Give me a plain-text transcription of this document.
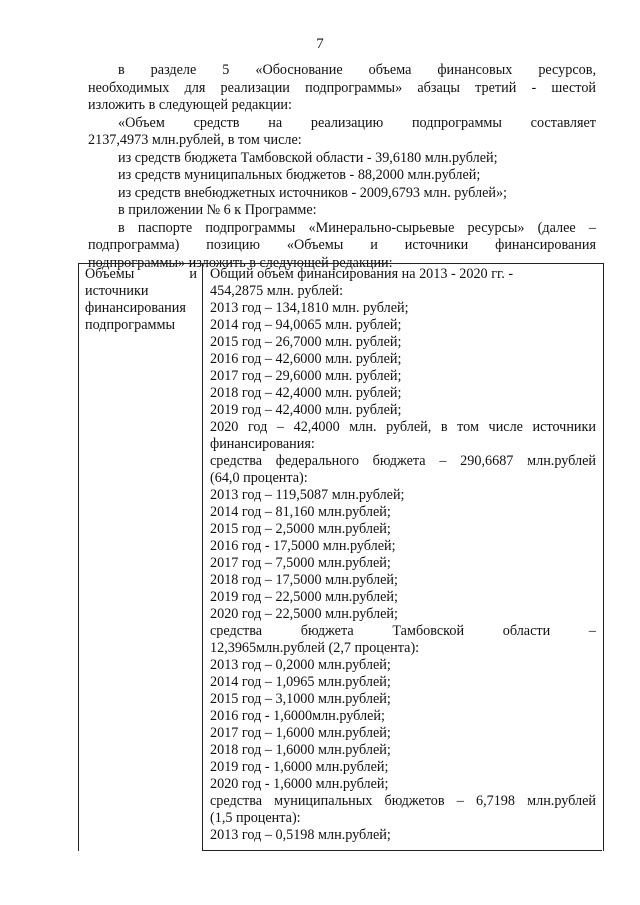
7
в разделе 5 «Обоснование объема финансовых ресурсов,
необходимых для реализации подпрограммы» абзацы третий - шестой
изложить в следующей редакции:
«Объем средств на реализацию подпрограммы составляет
2137,4973 млн.рублей, в том числе:
из средств бюджета Тамбовской области - 39,6180 млн.рублей;
из средств муниципальных бюджетов - 88,2000 млн.рублей;
из средств внебюджетных источников - 2009,6793 млн. рублей»;
в приложении № 6 к Программе:
в паспорте подпрограммы «Минерально-сырьевые ресурсы» (далее –
подпрограмма) позицию «Объемы и источники финансирования
подпрограммы» изложить в следующей редакции:
Объемы	и
источники
финансирования
подпрограммы
Общий объем финансирования на 2013 - 2020 гг. -
454,2875 млн. рублей:
2013 год – 134,1810 млн. рублей;
2014 год – 94,0065 млн. рублей;
2015 год – 26,7000 млн. рублей;
2016 год – 42,6000 млн. рублей;
2017 год – 29,6000 млн. рублей;
2018 год – 42,4000 млн. рублей;
2019 год – 42,4000 млн. рублей;
2020 год – 42,4000 млн. рублей, в том числе источники
финансирования:
средства федерального бюджета – 290,6687 млн.рублей
(64,0 процента):
2013 год – 119,5087 млн.рублей;
2014 год – 81,160 млн.рублей;
2015 год – 2,5000 млн.рублей;
2016 год - 17,5000 млн.рублей;
2017 год – 7,5000 млн.рублей;
2018 год – 17,5000 млн.рублей;
2019 год – 22,5000 млн.рублей;
2020 год – 22,5000 млн.рублей;
средства бюджета Тамбовской области –
12,3965млн.рублей (2,7 процента):
2013 год – 0,2000 млн.рублей;
2014 год – 1,0965 млн.рублей;
2015 год – 3,1000 млн.рублей;
2016 год - 1,6000млн.рублей;
2017 год – 1,6000 млн.рублей;
2018 год – 1,6000 млн.рублей;
2019 год - 1,6000 млн.рублей;
2020 год - 1,6000 млн.рублей;
средства муниципальных бюджетов – 6,7198 млн.рублей
(1,5 процента):
2013 год – 0,5198 млн.рублей;
